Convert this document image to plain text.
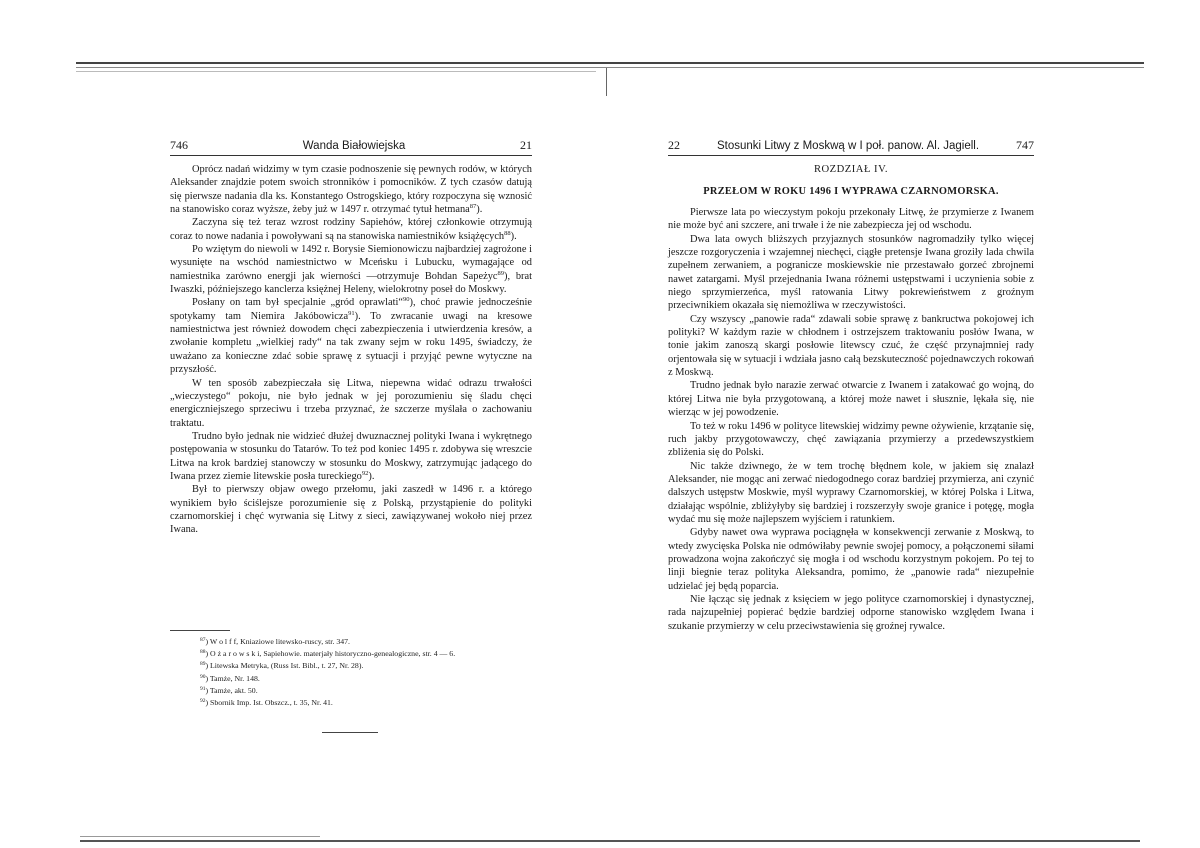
746	Wanda Białowiejska	21

Oprócz nadań widzimy w tym czasie podnoszenie się pewnych rodów, w których Aleksander znajdzie potem swoich stronników i pomocników. Z tych czasów datują się pierwsze nadania dla ks. Konstantego Ostrogskiego, który rozpoczyna się wznosić na stanowisko coraz wyższe, żeby już w 1497 r. otrzymać tytuł hetmana$^{87}$).

Zaczyna się też teraz wzrost rodziny Sapiehów, której członkowie otrzymują coraz to nowe nadania i powoływani są na stanowiska namiestników książęcych$^{88}$).

Po wziętym do niewoli w 1492 r. Borysie Siemionowiczu najbardziej zagrożone i wysunięte na wschód namiestnictwo w Mceńsku i Lubucku, wymagające od namiestnika zarówno energji jak wierności —otrzymuje Bohdan Sapeżyc$^{89}$), brat Iwaszki, późniejszego kanclerza księżnej Heleny, wielokrotny poseł do Moskwy.

Posłany on tam był specjalnie „gród oprawlati“$^{90}$), choć prawie jednocześnie spotykamy tam Niemira Jakóbowicza$^{91}$). To zwracanie uwagi na kresowe namiestnictwa jest również dowodem chęci zabezpieczenia i utwierdzenia kresów, a zwołanie kompletu „wielkiej rady“ na tak zwany sejm w roku 1495, świadczy, że uważano za konieczne zdać sobie sprawę z sytuacji i przyjąć pewne wytyczne na przyszłość.

W ten sposób zabezpieczała się Litwa, niepewna widać odrazu trwałości „wieczystego“ pokoju, nie było jednak w jej porozumieniu się śladu chęci energiczniejszego sprzeciwu i trzeba przyznać, że szczerze myślała o zachowaniu traktatu.

Trudno było jednak nie widzieć dłużej dwuznacznej polityki Iwana i wykrętnego postępowania w stosunku do Tatarów. To też pod koniec 1495 r. zdobywa się wreszcie Litwa na krok bardziej stanowczy w stosunku do Moskwy, zatrzymując jadącego do Iwana przez ziemie litewskie posła tureckiego$^{92}$).

Był to pierwszy objaw owego przełomu, jaki zaszedł w 1496 r. a którego wynikiem było ściślejsze porozumienie się z Polską, przystąpienie do polityki czarnomorskiej i chęć wyrwania się Litwy z sieci, zawiązywanej wokoło niej przez Iwana.

$^{87}$) W o l f f, Kniaziowe litewsko-ruscy, str. 347.
$^{88}$) O ż a r o w s k i, Sapiehowie. materjały historyczno-genealogiczne, str. 4 — 6.
$^{89}$) Litewska Metryka, (Russ Ist. Bibl., t. 27, Nr. 28).
$^{90}$) Tamże, Nr. 148.
$^{91}$) Tamże, akt. 50.
$^{92}$) Sbornik Imp. Ist. Obszcz., t. 35, Nr. 41.
22	Stosunki Litwy z Moskwą w I poł. panow. Al. Jagiell.	747
ROZDZIAŁ IV.
PRZEŁOM W ROKU 1496 I WYPRAWA CZARNOMORSKA.

Pierwsze lata po wieczystym pokoju przekonały Litwę, że przymierze z Iwanem nie może być ani szczere, ani trwałe i że nie zabezpiecza jej od wschodu.

Dwa lata owych bliższych przyjaznych stosunków nagromadziły tylko więcej jeszcze rozgoryczenia i wzajemnej niechęci, ciągłe pretensje Iwana groziły lada chwila zupełnem zerwaniem, a pogranicze moskiewskie nie przestawało gorzeć zbrojnemi nawet zatargami. Myśl przejednania Iwana różnemi ustępstwami i uczynienia sobie z niego sprzymierzeńca, myśl ratowania Litwy pokrewieństwem z groźnym przeciwnikiem okazała się niemożliwa w rzeczywistości.

Czy wszyscy „panowie rada“ zdawali sobie sprawę z bankructwa pokojowej ich polityki? W każdym razie w chłodnem i ostrzejszem traktowaniu posłów Iwana, w tonie jakim zanoszą skargi posłowie litewscy czuć, że część przynajmniej rady orjentowała się w sytuacji i wdziała jasno całą bezskuteczność pojednawczych rokowań z Moskwą.

Trudno jednak było narazie zerwać otwarcie z Iwanem i zatakować go wojną, do której Litwa nie była przygotowaną, a której może nawet i słusznie, lękała się, nie wierząc w jej powodzenie.

To też w roku 1496 w polityce litewskiej widzimy pewne ożywienie, krzątanie się, ruch jakby przygotowawczy, chęć zawiązania przymierzy a przedewszystkiem zbliżenia się do Polski.

Nic także dziwnego, że w tem trochę błędnem kole, w jakiem się znalazł Aleksander, nie mogąc ani zerwać niedogodnego coraz bardziej przymierza, ani czynić dalszych ustępstw Moskwie, myśl wyprawy Czarnomorskiej, w której Polska i Litwa, działając wspólnie, zbliżyłyby się bardziej i rozszerzyły swoje granice i potęgę, mogła wydać mu się może najlepszem wyjściem i ratunkiem.

Gdyby nawet owa wyprawa pociągnęła w konsekwencji zerwanie z Moskwą, to wtedy zwycięska Polska nie odmówiłaby pewnie swojej pomocy, a połączonemi siłami prowadzona wojna zakończyć się mogła i od wschodu korzystnym pokojem. Po tej to linji biegnie teraz polityka Aleksandra, pomimo, że „panowie rada“ niezupełnie udzielać jej będą poparcia.

Nie łącząc się jednak z księciem w jego polityce czarnomorskiej i dynastycznej, rada najzupełniej popierać będzie bardziej odporne stanowisko względem Iwana i szukanie przymierzy w celu przeciwstawienia się groźnej rywalce.
